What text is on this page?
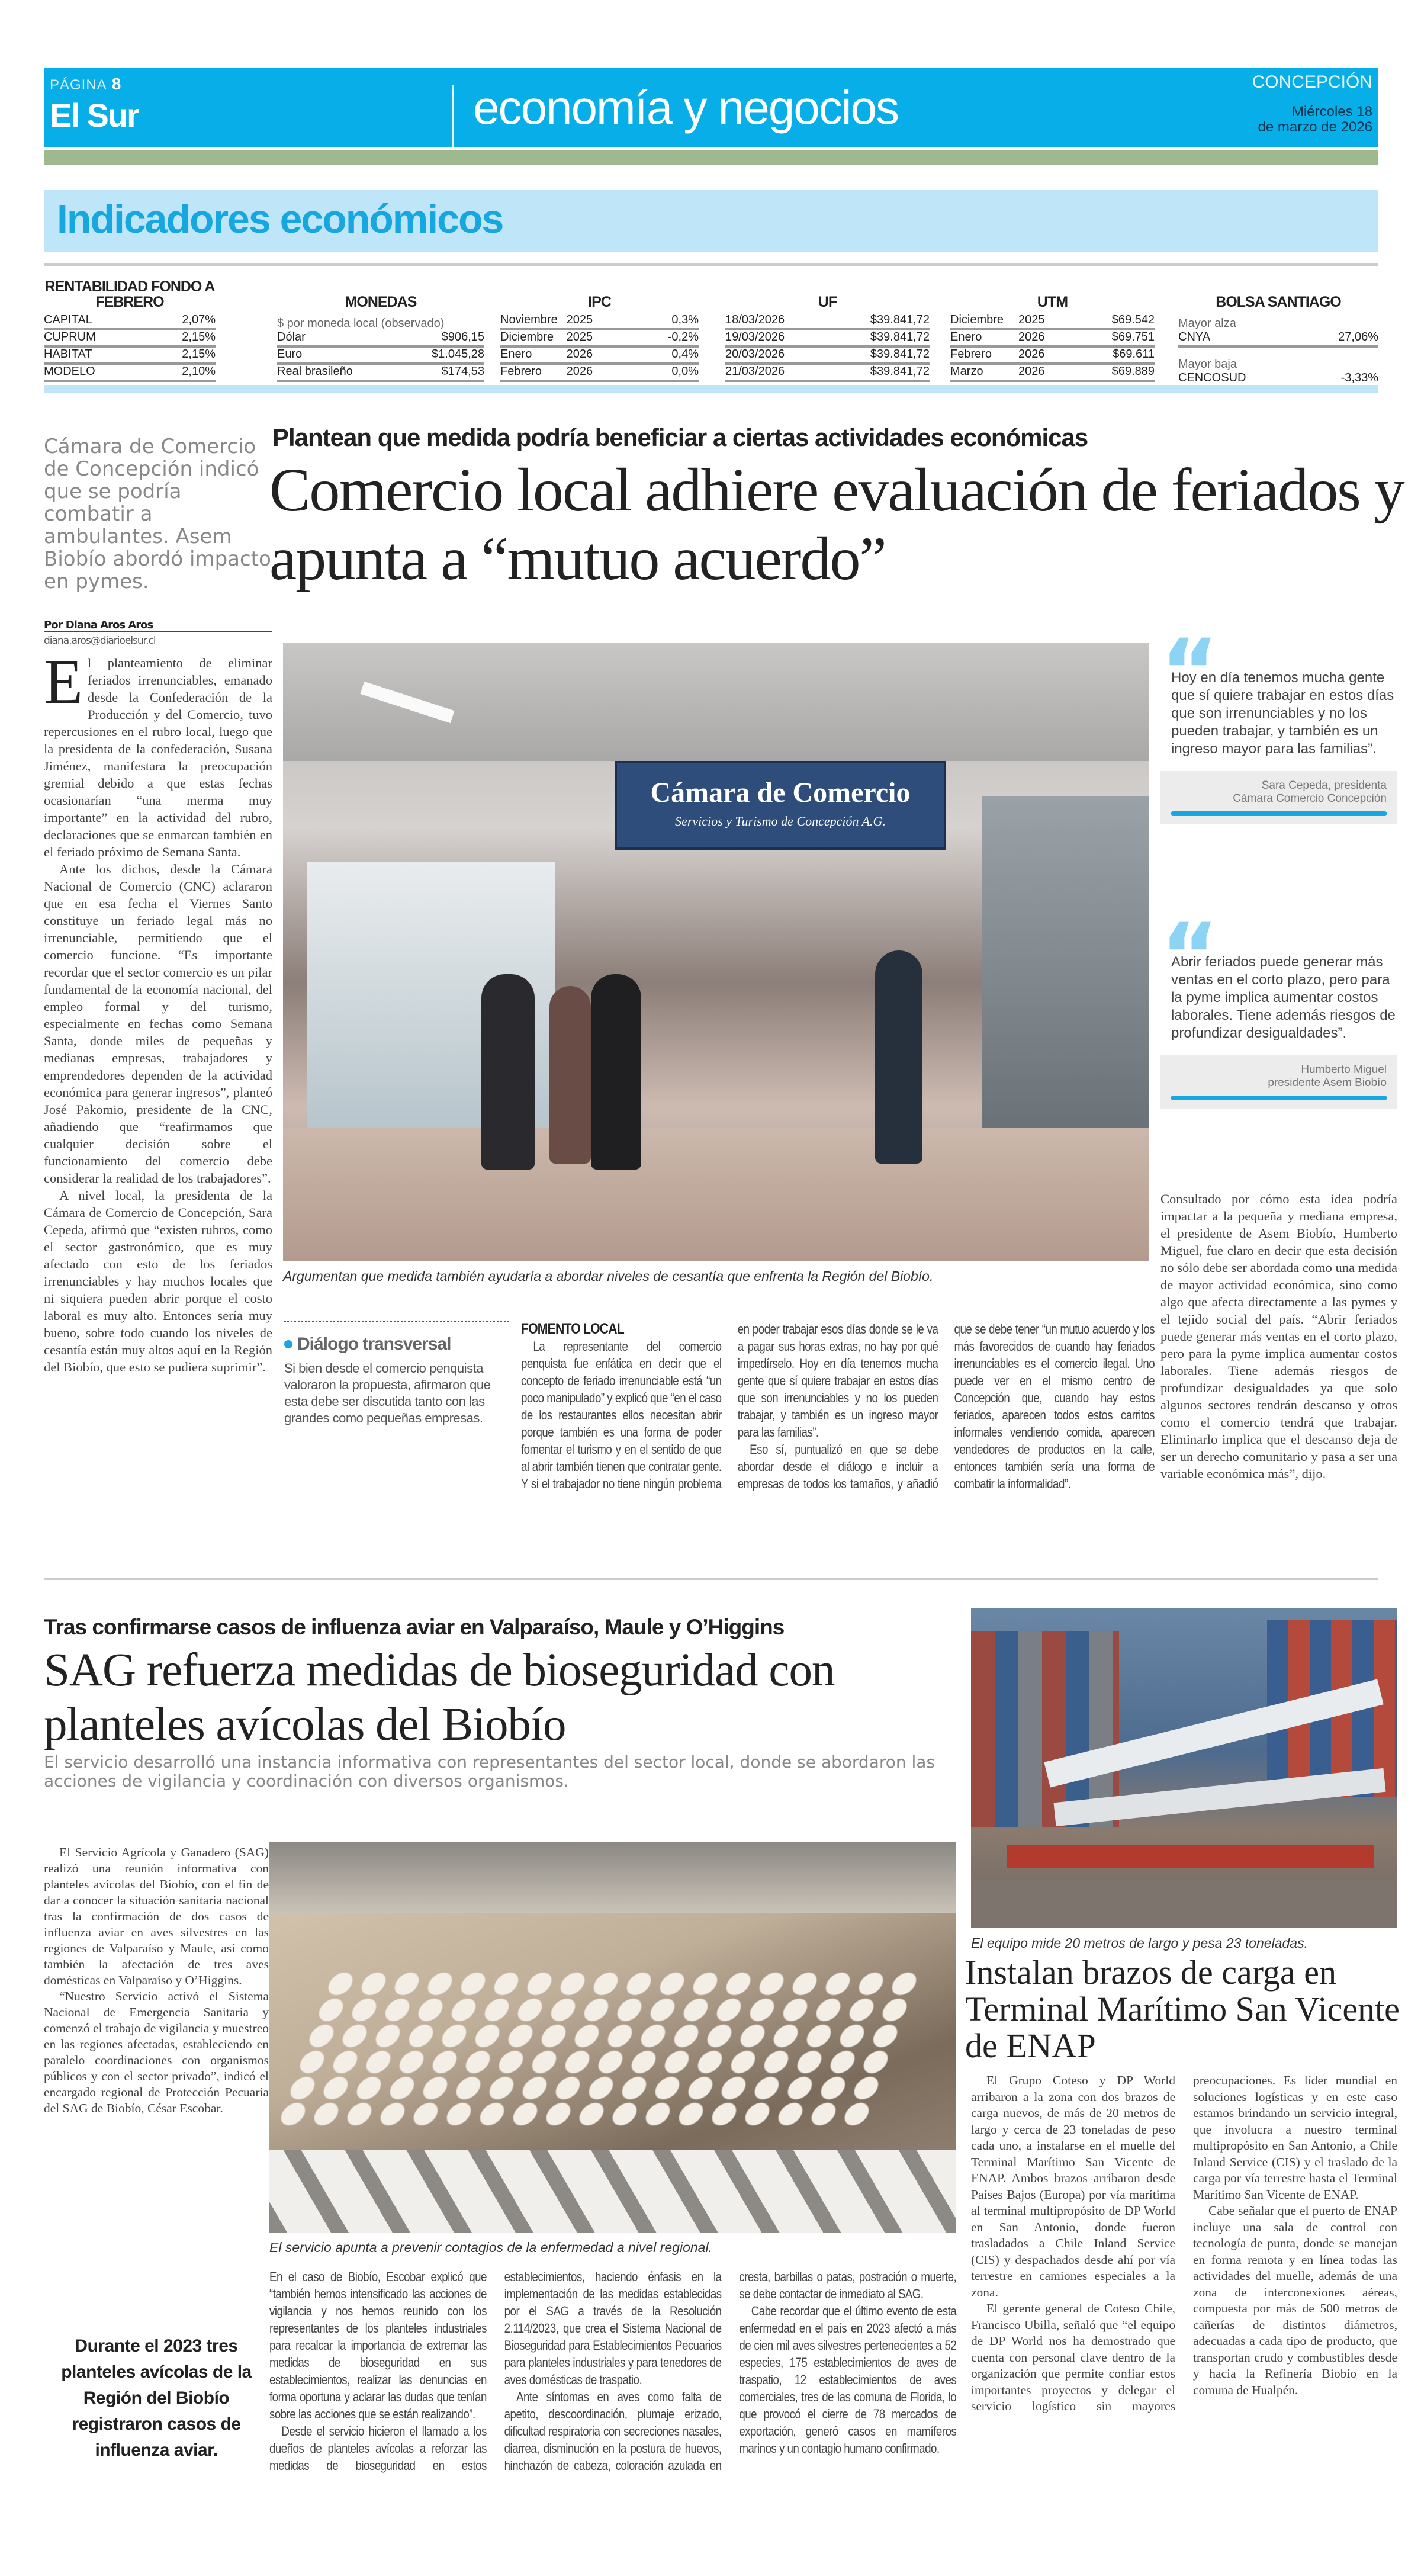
PÁGINA 8
El Sur	economía y negocios	CONCEPCIÓN
Miércoles 18
de marzo de 2026
Indicadores económicos
RENTABILIDAD FONDO A FEBRERO
CAPITAL	2,07%
CUPRUM	2,15%
HABITAT	2,15%
MODELO	2,10%
MONEDAS
$ por moneda local (observado)
Dólar	$906,15
Euro	$1.045,28
Real brasileño	$174,53
IPC
Noviembre 2025	0,3%
Diciembre	2025	-0,2%
Enero	2026	0,4%
Febrero	2026	0,0%
UF
18/03/2026	$39.841,72
19/03/2026	$39.841,72
20/03/2026	$39.841,72
21/03/2026	$39.841,72
UTM
Diciembre	2025	$69.542
Enero	2026	$69.751
Febrero	2026	$69.611
Marzo	2026	$69.889
BOLSA SANTIAGO
Mayor alza
CNYA	27,06%
Mayor baja
CENCOSUD	-3,33%
Cámara de Comercio de Concepción indicó que se podría combatir a ambulantes. Asem Biobío abordó impacto en pymes.
Por Diana Aros Aros
diana.aros@diarioelsur.cl
Plantean que medida podría beneficiar a ciertas actividades económicas
Comercio local adhiere evaluación de feriados y apunta a “mutuo acuerdo”

El planteamiento de eliminar feriados irrenunciables, emanado desde la Confederación de la Producción y del Comercio, tuvo repercusiones en el rubro local, luego que la presidenta de la confederación, Susana Jiménez, manifestara la preocupación gremial debido a que estas fechas ocasionarían “una merma muy importante” en la actividad del rubro, declaraciones que se enmarcan también en el feriado próximo de Semana Santa.

Ante los dichos, desde la Cámara Nacional de Comercio (CNC) aclararon que en esa fecha el Viernes Santo constituye un feriado legal más no irrenunciable, permitiendo que el comercio funcione. “Es importante recordar que el sector comercio es un pilar fundamental de la economía nacional, del empleo formal y del turismo, especialmente en fechas como Semana Santa, donde miles de pequeñas y medianas empresas, trabajadores y emprendedores dependen de la actividad económica para generar ingresos”, planteó José Pakomio, presidente de la CNC, añadiendo que “reafirmamos que cualquier decisión sobre el funcionamiento del comercio debe considerar la realidad de los trabajadores”.

A nivel local, la presidenta de la Cámara de Comercio de Concepción, Sara Cepeda, afirmó que “existen rubros, como el sector gastronómico, que es muy afectado con esto de los feriados irrenunciables y hay muchos locales que ni siquiera pueden abrir porque el costo laboral es muy alto. Entonces sería muy bueno, sobre todo cuando los niveles de cesantía están muy altos aquí en la Región del Biobío, que esto se pudiera suprimir”.

Cámara de Comercio
Servicios y Turismo de Concepción A.G.
Argumentan que medida también ayudaría a abordar niveles de cesantía que enfrenta la Región del Biobío.
“
Hoy en día tenemos mucha gente que sí quiere trabajar en estos días que son irrenunciables y no los pueden trabajar, y también es un ingreso mayor para las familias”.
Sara Cepeda, presidenta
Cámara Comercio Concepción
“
Abrir feriados puede generar más ventas en el corto plazo, pero para la pyme implica aumentar costos laborales. Tiene además riesgos de profundizar desigualdades”.
Humberto Miguel
presidente Asem Biobío
Diálogo transversal

Si bien desde el comercio penquista valoraron la propuesta, afirmaron que esta debe ser discutida tanto con las grandes como pequeñas empresas.

FOMENTO LOCAL

La representante del comercio penquista fue enfática en decir que el concepto de feriado irrenunciable está “un poco manipulado” y explicó que “en el caso de los restaurantes ellos necesitan abrir porque también es una forma de poder fomentar el turismo y en el sentido de que al abrir también tienen que contratar gente. Y si el trabajador no tiene ningún problema en poder trabajar esos días donde se le va a pagar sus horas extras, no hay por qué impedírselo. Hoy en día tenemos mucha gente que sí quiere trabajar en estos días que son irrenunciables y no los pueden trabajar, y también es un ingreso mayor para las familias”.

Eso sí, puntualizó en que se debe abordar desde el diálogo e incluir a empresas de todos los tamaños, y añadió que se debe tener “un mutuo acuerdo y los más favorecidos de cuando hay feriados irrenunciables es el comercio ilegal. Uno puede ver en el mismo centro de Concepción que, cuando hay estos feriados, aparecen todos estos carritos informales vendiendo comida, aparecen vendedores de productos en la calle, entonces también sería una forma de combatir la informalidad”.

Consultado por cómo esta idea podría impactar a la pequeña y mediana empresa, el presidente de Asem Biobío, Humberto Miguel, fue claro en decir que esta decisión no sólo debe ser abordada como una medida de mayor actividad económica, sino como algo que afecta directamente a las pymes y el tejido social del país. “Abrir feriados puede generar más ventas en el corto plazo, pero para la pyme implica aumentar costos laborales. Tiene además riesgos de profundizar desigualdades ya que solo algunos sectores tendrán descanso y otros como el comercio tendrá que trabajar. Eliminarlo implica que el descanso deja de ser un derecho comunitario y pasa a ser una variable económica más”, dijo.

Tras confirmarse casos de influenza aviar en Valparaíso, Maule y O’Higgins
SAG refuerza medidas de bioseguridad con planteles avícolas del Biobío
El servicio desarrolló una instancia informativa con representantes del sector local, donde se abordaron las acciones de vigilancia y coordinación con diversos organismos.

El Servicio Agrícola y Ganadero (SAG) realizó una reunión informativa con planteles avícolas del Biobío, con el fin de dar a conocer la situación sanitaria nacional tras la confirmación de dos casos de influenza aviar en aves silvestres en las regiones de Valparaíso y Maule, así como también la afectación de tres aves domésticas en Valparaíso y O’Higgins.

“Nuestro Servicio activó el Sistema Nacional de Emergencia Sanitaria y comenzó el trabajo de vigilancia y muestreo en las regiones afectadas, estableciendo en paralelo coordinaciones con organismos públicos y con el sector privado”, indicó el encargado regional de Protección Pecuaria del SAG de Biobío, César Escobar.

Durante el 2023 tres planteles avícolas de la Región del Biobío registraron casos de influenza aviar.
El servicio apunta a prevenir contagios de la enfermedad a nivel regional.

En el caso de Biobío, Escobar explicó que “también hemos intensificado las acciones de vigilancia y nos hemos reunido con los representantes de los planteles industriales para recalcar la importancia de extremar las medidas de bioseguridad en sus establecimientos, realizar las denuncias en forma oportuna y aclarar las dudas que tenían sobre las acciones que se están realizando”.

Desde el servicio hicieron el llamado a los dueños de planteles avícolas a reforzar las medidas de bioseguridad en estos establecimientos, haciendo énfasis en la implementación de las medidas establecidas por el SAG a través de la Resolución 2.114/2023, que crea el Sistema Nacional de Bioseguridad para Establecimientos Pecuarios para planteles industriales y para tenedores de aves domésticas de traspatio.

Ante síntomas en aves como falta de apetito, descoordinación, plumaje erizado, dificultad respiratoria con secreciones nasales, diarrea, disminución en la postura de huevos, hinchazón de cabeza, coloración azulada en cresta, barbillas o patas, postración o muerte, se debe contactar de inmediato al SAG.

Cabe recordar que el último evento de esta enfermedad en el país en 2023 afectó a más de cien mil aves silvestres pertenecientes a 52 especies, 175 establecimientos de aves de traspatio, 12 establecimientos de aves comerciales, tres de las comuna de Florida, lo que provocó el cierre de 78 mercados de exportación, generó casos en mamíferos marinos y un contagio humano confirmado.

El equipo mide 20 metros de largo y pesa 23 toneladas.
Instalan brazos de carga en Terminal Marítimo San Vicente de ENAP

El Grupo Coteso y DP World arribaron a la zona con dos brazos de carga nuevos, de más de 20 metros de largo y cerca de 23 toneladas de peso cada uno, a instalarse en el muelle del Terminal Marítimo San Vicente de ENAP. Ambos brazos arribaron desde Países Bajos (Europa) por vía marítima al terminal multipropósito de DP World en San Antonio, donde fueron trasladados a Chile Inland Service (CIS) y despachados desde ahí por vía terrestre en camiones especiales a la zona.

El gerente general de Coteso Chile, Francisco Ubilla, señaló que “el equipo de DP World nos ha demostrado que cuenta con personal clave dentro de la organización que permite confiar estos importantes proyectos y delegar el servicio logístico sin mayores preocupaciones. Es líder mundial en soluciones logísticas y en este caso estamos brindando un servicio integral, que involucra a nuestro terminal multipropósito en San Antonio, a Chile Inland Service (CIS) y el traslado de la carga por vía terrestre hasta el Terminal Marítimo San Vicente de ENAP.

Cabe señalar que el puerto de ENAP incluye una sala de control con tecnología de punta, donde se manejan en forma remota y en línea todas las actividades del muelle, además de una zona de interconexiones aéreas, compuesta por más de 500 metros de cañerías de distintos diámetros, adecuadas a cada tipo de producto, que transportan crudo y combustibles desde y hacia la Refinería Biobío en la comuna de Hualpén.
